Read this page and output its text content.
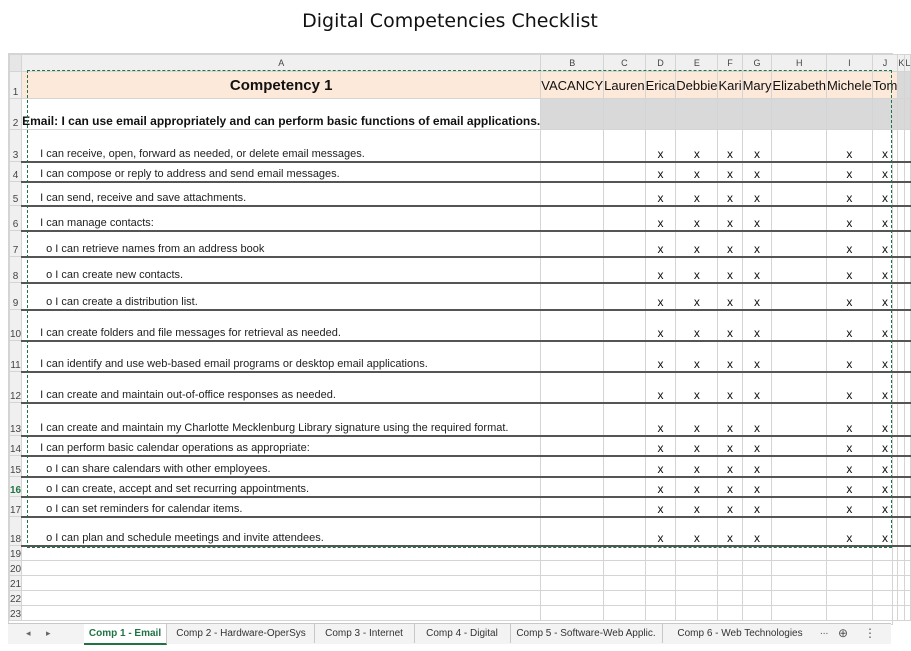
Digital Competencies Checklist
	A	B	C	D	E	F	G	H	I	J	K	L
1	Competency 1	VACANCY	Lauren	Erica	Debbie	Kari	Mary	Elizabeth	Michele	Tom		
2	Email: I can use email appropriately and can perform basic functions of email applications.											
3	I can receive, open, forward as needed, or delete email messages.			x	x	x	x		x	x		
4	I can compose or reply to address and send email messages.			x	x	x	x		x	x		
5	I can send, receive and save attachments.			x	x	x	x		x	x		
6	I can manage contacts:			x	x	x	x		x	x		
7	o I can retrieve names from an address book			x	x	x	x		x	x		
8	o I can create new contacts.			x	x	x	x		x	x		
9	o I can create a distribution list.			x	x	x	x		x	x		
10	I can create folders and file messages for retrieval as needed.			x	x	x	x		x	x		
11	I can identify and use web-based email programs or desktop email applications.			x	x	x	x		x	x		
12	I can create and maintain out-of-office responses as needed.			x	x	x	x		x	x		
13	I can create and maintain my Charlotte Mecklenburg Library signature using the required format.			x	x	x	x		x	x		
14	I can perform basic calendar operations as appropriate:			x	x	x	x		x	x		
15	o I can share calendars with other employees.			x	x	x	x		x	x		
16	o I can create, accept and set recurring appointments.			x	x	x	x		x	x		
17	o I can set reminders for calendar items.			x	x	x	x		x	x		
18	o I can plan and schedule meetings and invite attendees.			x	x	x	x		x	x		
19												
20												
21												
22												
23												
◂ ▸	Comp 1 - Email	Comp 2 - Hardware-OperSys	Comp 3 - Internet	Comp 4 - Digital	Comp 5 - Software-Web Applic.	Comp 6 - Web Technologies	... ⊕ ⋮
